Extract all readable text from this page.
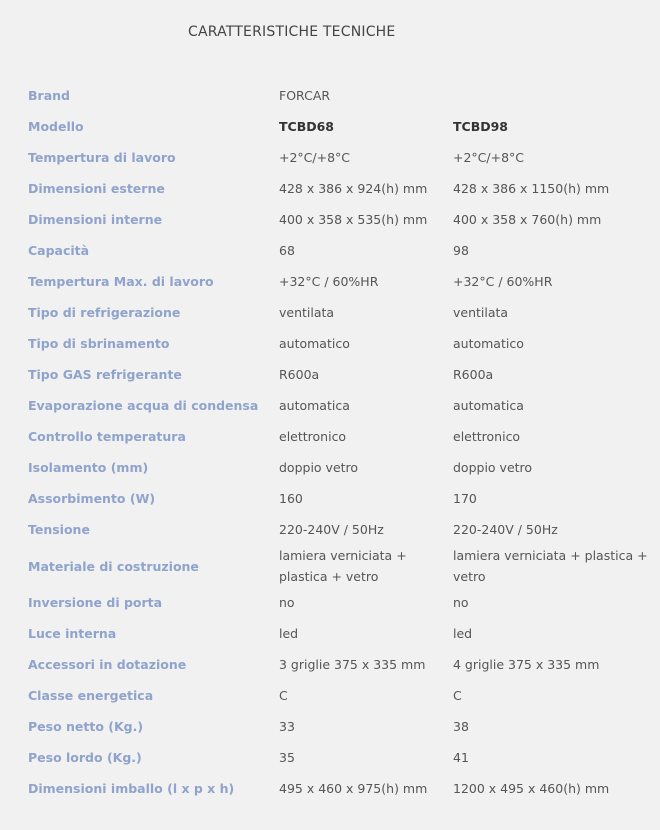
CARATTERISTICHE TECNICHE
Brand	FORCAR	
Modello	TCBD68	TCBD98
Tempertura di lavoro	+2°C/+8°C	+2°C/+8°C
Dimensioni esterne	428 x 386 x 924(h) mm	428 x 386 x 1150(h) mm
Dimensioni interne	400 x 358 x 535(h) mm	400 x 358 x 760(h) mm
Capacità	68	98
Tempertura Max. di lavoro	+32°C / 60%HR	+32°C / 60%HR
Tipo di refrigerazione	ventilata	ventilata
Tipo di sbrinamento	automatico	automatico
Tipo GAS refrigerante	R600a	R600a
Evaporazione acqua di condensa	automatica	automatica
Controllo temperatura	elettronico	elettronico
Isolamento (mm)	doppio vetro	doppio vetro
Assorbimento (W)	160	170
Tensione	220-240V / 50Hz	220-240V / 50Hz
Materiale di costruzione	lamiera verniciata + plastica + vetro	lamiera verniciata + plastica + vetro
Inversione di porta	no	no
Luce interna	led	led
Accessori in dotazione	3 griglie 375 x 335 mm	4 griglie 375 x 335 mm
Classe energetica	C	C
Peso netto (Kg.)	33	38
Peso lordo (Kg.)	35	41
Dimensioni imballo (l x p x h)	495 x 460 x 975(h) mm	1200 x 495 x 460(h) mm
